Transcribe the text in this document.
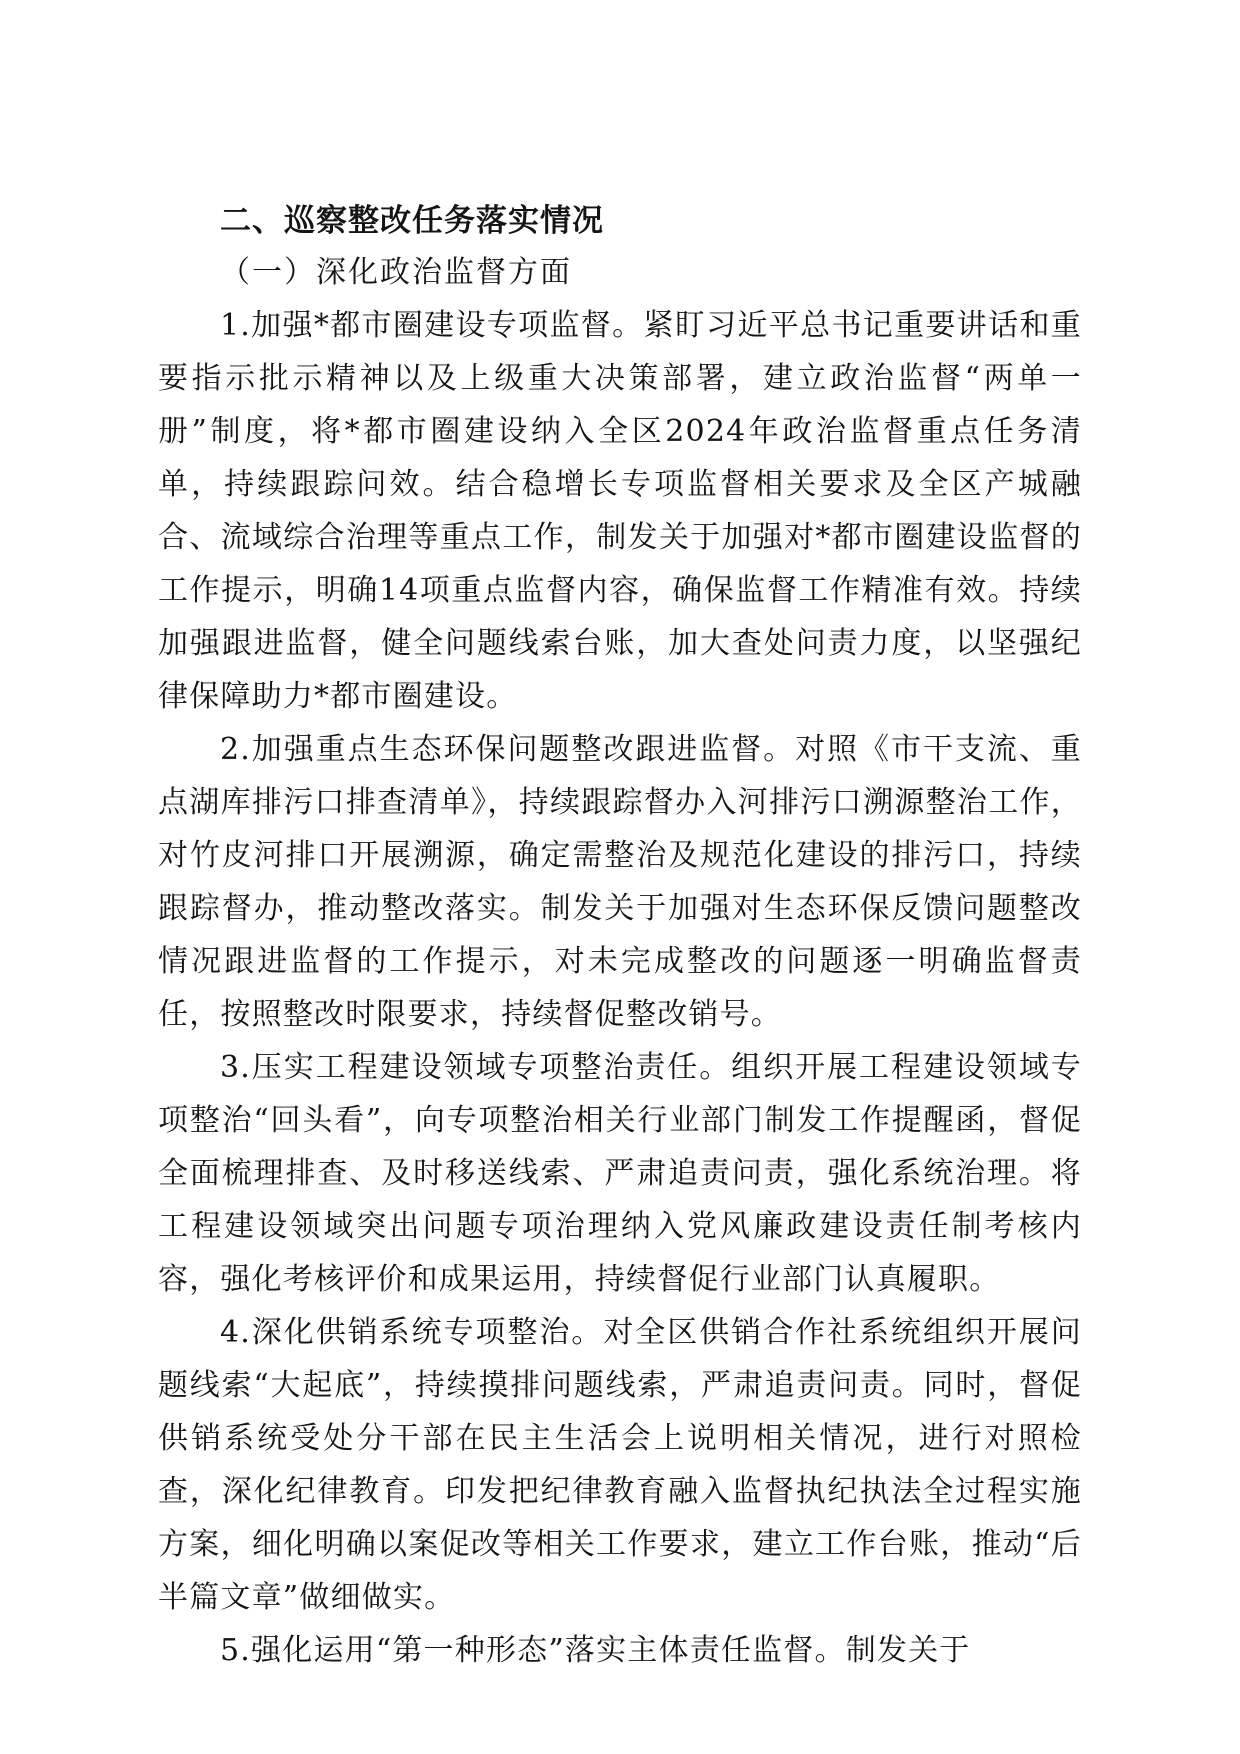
二、巡察整改任务落实情况
（一）深化政治监督方面

1.加强*都市圈建设专项监督。紧盯习近平总书记重要讲话和重要指示批示精神以及上级重大决策部署，建立政治监督“两单一册”制度，将*都市圈建设纳入全区2024年政治监督重点任务清单，持续跟踪问效。结合稳增长专项监督相关要求及全区产城融合、流域综合治理等重点工作，制发关于加强对*都市圈建设监督的工作提示，明确14项重点监督内容，确保监督工作精准有效。持续加强跟进监督，健全问题线索台账，加大查处问责力度，以坚强纪律保障助力*都市圈建设。

2.加强重点生态环保问题整改跟进监督。对照《市干支流、重点湖库排污口排查清单》，持续跟踪督办入河排污口溯源整治工作，对竹皮河排口开展溯源，确定需整治及规范化建设的排污口，持续跟踪督办，推动整改落实。制发关于加强对生态环保反馈问题整改情况跟进监督的工作提示，对未完成整改的问题逐一明确监督责任，按照整改时限要求，持续督促整改销号。

3.压实工程建设领域专项整治责任。组织开展工程建设领域专项整治“回头看”，向专项整治相关行业部门制发工作提醒函，督促全面梳理排查、及时移送线索、严肃追责问责，强化系统治理。将工程建设领域突出问题专项治理纳入党风廉政建设责任制考核内容，强化考核评价和成果运用，持续督促行业部门认真履职。

4.深化供销系统专项整治。对全区供销合作社系统组织开展问题线索“大起底”，持续摸排问题线索，严肃追责问责。同时，督促供销系统受处分干部在民主生活会上说明相关情况，进行对照检查，深化纪律教育。印发把纪律教育融入监督执纪执法全过程实施方案，细化明确以案促改等相关工作要求，建立工作台账，推动“后半篇文章”做细做实。

5.强化运用“第一种形态”落实主体责任监督。制发关于
